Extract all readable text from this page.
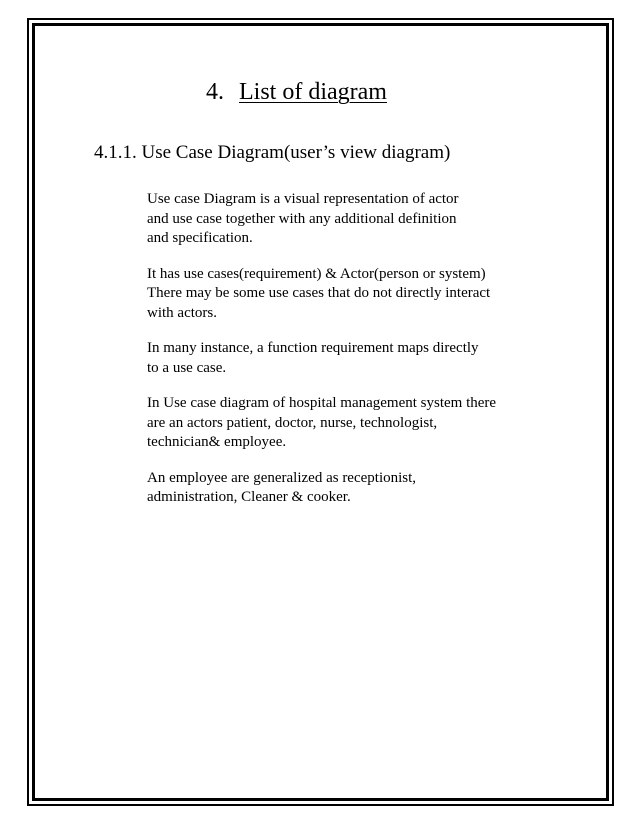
4. List of diagram
4.1.1. Use Case Diagram(user’s view diagram)

Use case Diagram is a visual representation of actor
and use case together with any additional definition
and specification.

It has use cases(requirement) & Actor(person or system)
There may be some use cases that do not directly interact
with actors.

In many instance, a function requirement maps directly
to a use case.

In Use case diagram of hospital management system there
are an actors patient, doctor, nurse, technologist,
technician& employee.

An employee are generalized as receptionist,
administration, Cleaner & cooker.
